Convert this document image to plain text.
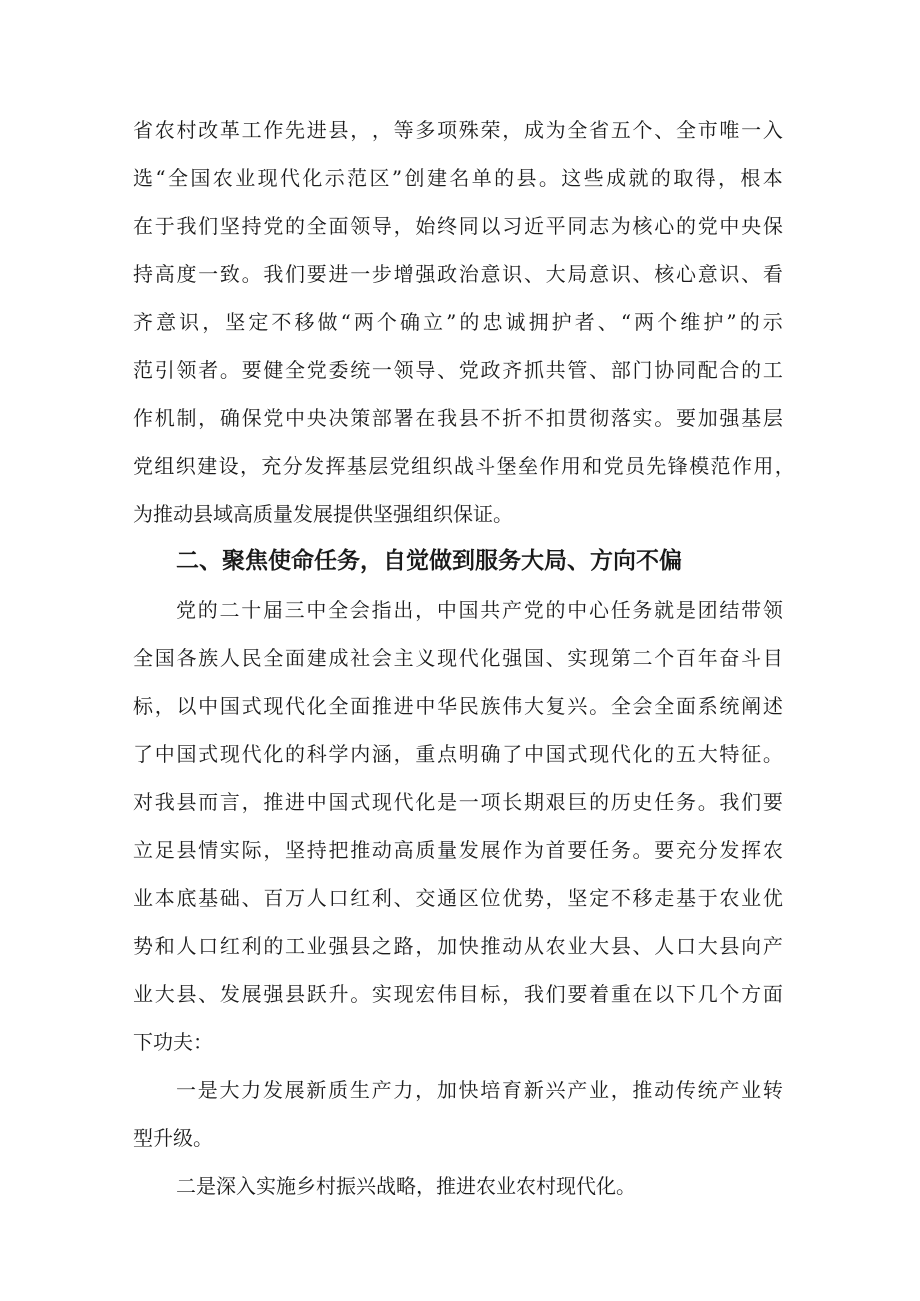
省 农 村 改 革 工 作 先 进 县 ， ， 等 多 项 殊 荣 ， 成 为 全 省 五 个 、 全 市 唯 一 入
选 “ 全 国 农 业 现 代 化 示 范 区 ” 创 建 名 单 的 县 。 这 些 成 就 的 取 得 ， 根 本
在 于 我 们 坚 持 党 的 全 面 领 导 ， 始 终 同 以 习 近 平 同 志 为 核 心 的 党 中 央 保
持 高 度 一 致 。 我 们 要 进 一 步 增 强 政 治 意 识 、 大 局 意 识 、 核 心 意 识 、 看
齐 意 识 ， 坚 定 不 移 做 “ 两 个 确 立 ” 的 忠 诚 拥 护 者 、 “ 两 个 维 护 ” 的 示
范 引 领 者 。 要 健 全 党 委 统 一 领 导 、 党 政 齐 抓 共 管 、 部 门 协 同 配 合 的 工
作 机 制 ， 确 保 党 中 央 决 策 部 署 在 我 县 不 折 不 扣 贯 彻 落 实 。 要 加 强 基 层
党 组 织 建 设 ， 充 分 发 挥 基 层 党 组 织 战 斗 堡 垒 作 用 和 党 员 先 锋 模 范 作 用 ，
为推动县域高质量发展提供坚强组织保证。
二、聚焦使命任务，自觉做到服务大局、方向不偏
党 的 二 十 届 三 中 全 会 指 出 ， 中 国 共 产 党 的 中 心 任 务 就 是 团 结 带 领
全 国 各 族 人 民 全 面 建 成 社 会 主 义 现 代 化 强 国 、 实 现 第 二 个 百 年 奋 斗 目
标 ， 以 中 国 式 现 代 化 全 面 推 进 中 华 民 族 伟 大 复 兴 。 全 会 全 面 系 统 阐 述
了 中 国 式 现 代 化 的 科 学 内 涵 ， 重 点 明 确 了 中 国 式 现 代 化 的 五 大 特 征 。
对 我 县 而 言 ， 推 进 中 国 式 现 代 化 是 一 项 长 期 艰 巨 的 历 史 任 务 。 我 们 要
立 足 县 情 实 际 ， 坚 持 把 推 动 高 质 量 发 展 作 为 首 要 任 务 。 要 充 分 发 挥 农
业 本 底 基 础 、 百 万 人 口 红 利 、 交 通 区 位 优 势 ， 坚 定 不 移 走 基 于 农 业 优
势 和 人 口 红 利 的 工 业 强 县 之 路 ， 加 快 推 动 从 农 业 大 县 、 人 口 大 县 向 产
业 大 县 、 发 展 强 县 跃 升 。 实 现 宏 伟 目 标 ， 我 们 要 着 重 在 以 下 几 个 方 面
下功夫：
一 是 大 力 发 展 新 质 生 产 力 ， 加 快 培 育 新 兴 产 业 ， 推 动 传 统 产 业 转
型升级。
二是深入实施乡村振兴战略，推进农业农村现代化。
